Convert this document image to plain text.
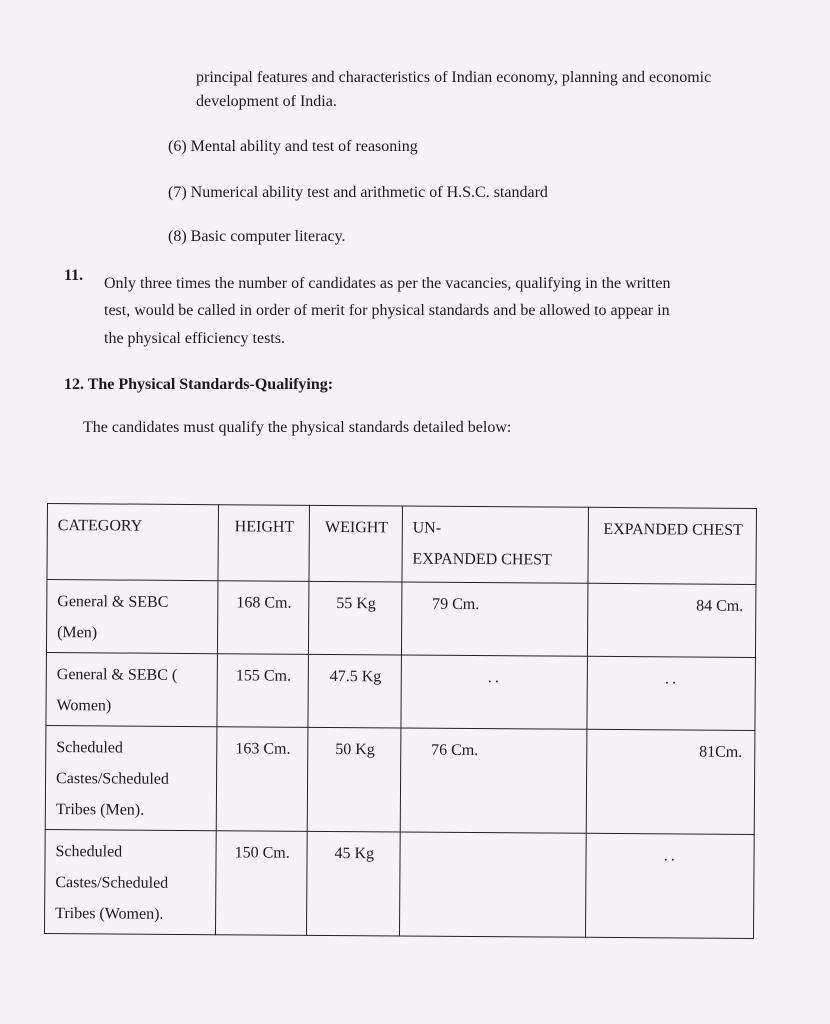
principal features and characteristics of Indian economy, planning and economic
development of India.
(6) Mental ability and test of reasoning
(7) Numerical ability test and arithmetic of H.S.C. standard
(8) Basic computer literacy.
11. Only three times the number of candidates as per the vacancies, qualifying in the written
test, would be called in order of merit for physical standards and be allowed to appear in
the physical efficiency tests.
12. The Physical Standards-Qualifying:
The candidates must qualify the physical standards detailed below:
CATEGORY	HEIGHT	WEIGHT	UN-
EXPANDED CHEST	EXPANDED CHEST

General & SEBC
(Men)	168 Cm.	55 Kg	79 Cm.	84 Cm.

General & SEBC (
Women)	155 Cm.	47.5 Kg	..	..

Scheduled
Castes/Scheduled
Tribes (Men).	163 Cm.	50 Kg	76 Cm.	81Cm.

Scheduled
Castes/Scheduled
Tribes (Women).	150 Cm.	45 Kg		..
